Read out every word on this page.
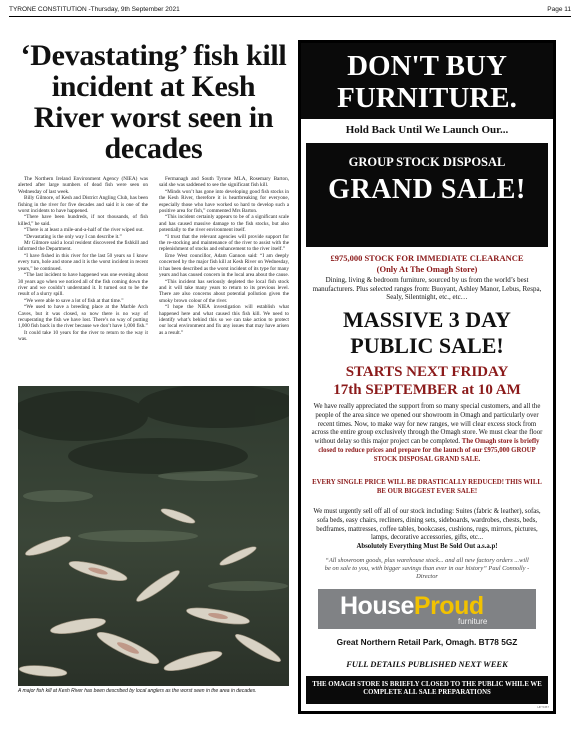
TYRONE CONSTITUTION -Thursday, 9th September 2021	Page 11
‘Devastating’ fish kill incident at Kesh River worst seen in decades

The Northern Ireland Environment Agency (NIEA) was alerted after large numbers of dead fish were seen on Wednesday of last week.

Billy Gilmore, of Kesh and District Angling Club, has been fishing in the river for five decades and said it is one of the worst incidents to have happened.

“There have been hundreds, if not thousands, of fish killed,” he said.

“There is at least a mile-and-a-half of the river wiped out.

“Devastating is the only way I can describe it.”

Mr Gilmore said a local resident discovered the fishkill and informed the Department.

“I have fished in this river for the last 50 years so I know every turn, hole and stone and it is the worst incident in recent years,” he continued.

“The last incident to have happened was one evening about 30 years ago when we noticed all of the fish coming down the river and we couldn’t understand it. It turned out to be the result of a slurry spill.

“We were able to save a lot of fish at that time.”

“We used to have a breeding place at the Marble Arch Caves, but it was closed, so now there is no way of recuperating the fish we have lost. There’s no way of putting 1,000 fish back in the river because we don’t have 1,000 fish.”

It could take 10 years for the river to return to the way it was.

Fermanagh and South Tyrone MLA, Rosemary Barton, said she was saddened to see the significant fish kill.

“Minds won’t has gone into developing good fish stocks in the Kesh River, therefore it is heartbreaking for everyone, especially those who have worked so hard to develop such a positive area for fish,” commented Mrs Barton.

“This incident certainly appears to be of a significant scale and has caused massive damage to the fish stocks, but also potentially to the river environment itself.

“I trust that the relevant agencies will provide support for the re-stocking and maintenance of the river to assist with the replenishment of stocks and enhancement to the river itself.”

Erne West councillor, Adam Gannon said: “I am deeply concerned by the major fish kill at Kesh River on Wednesday, it has been described as the worst incident of its type for many years and has caused concern in the local area about the cause.

“This incident has seriously depleted the local fish stock and it will take many years to return to its previous level. There are also concerns about potential pollution given the smoky brown colour of the river.

“I hope the NIEA investigation will establish what happened here and what caused this fish kill. We need to identify what’s behind this so we can take action to protect our local environment and fix any issues that may have arisen as a result.”

A major fish kill at Kesh River has been described by local anglers as the worst seen in the area in decades.
DON'T BUY
FURNITURE.
Hold Back Until We Launch Our...
GROUP STOCK DISPOSAL
GRAND SALE!
£975,000 STOCK FOR IMMEDIATE CLEARANCE
(Only At The Omagh Store)
Dining, living & bedroom furniture, sourced by us from the world’s best manufacturers. Plus selected ranges from: Buoyant, Ashley Manor, Lebus, Respa, Sealy, Silentnight, etc., etc…
MASSIVE 3 DAY
PUBLIC SALE!
STARTS NEXT FRIDAY
17th SEPTEMBER at 10 AM
We have really appreciated the support from so many special customers, and all the people of the area since we opened our showroom in Omagh and particularly over recent times. Now, to make way for new ranges, we will clear excess stock from across the entire group exclusively through the Omagh store. We must clear the floor without delay so this major project can be completed. The Omagh store is briefly closed to reduce prices and prepare for the launch of our £975,000 GROUP STOCK DISPOSAL GRAND SALE.
EVERY SINGLE PRICE WILL BE DRASTICALLY REDUCED! THIS WILL BE OUR BIGGEST EVER SALE!
We must urgently sell off all of our stock including: Suites (fabric & leather), sofas, sofa beds, easy chairs, recliners, dining sets, sideboards, wardrobes, chests, beds, bedframes, mattresses, coffee tables, bookcases, cushions, rugs, mirrors, pictures, lamps, decorative accessories, gifts, etc...
Absolutely Everything Must Be Sold Out a.s.a.p!
“All showroom goods, plus warehouse stock... and all new factory orders ...will be on sale to you, with bigger savings than ever in our history” Paul Connolly - Director
HouseProud
furniture
Great Northern Retail Park, Omagh. BT78 5GZ
FULL DETAILS PUBLISHED NEXT WEEK
THE OMAGH STORE IS BRIEFLY CLOSED TO THE PUBLIC WHILE WE COMPLETE ALL SALE PREPARATIONS
HP 5457
